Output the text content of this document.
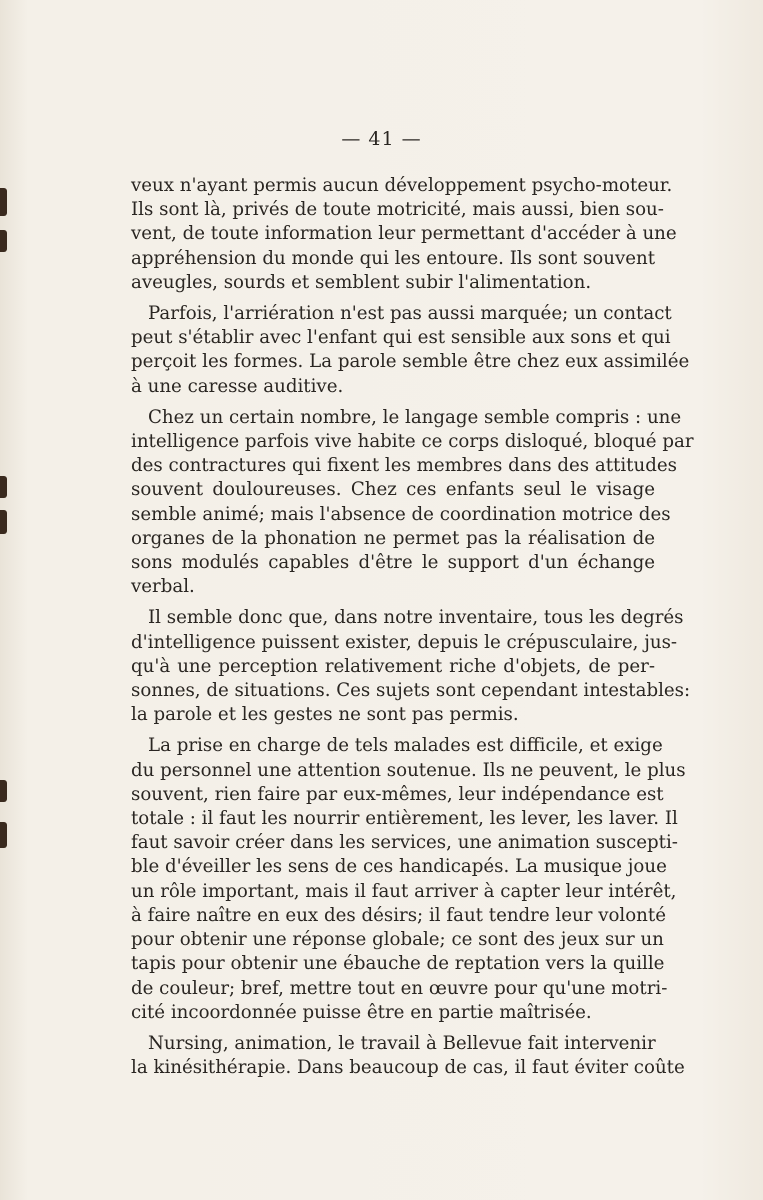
— 41 —
veux n'ayant permis aucun développement psycho-moteur.
Ils sont là, privés de toute motricité, mais aussi, bien sou-
vent, de toute information leur permettant d'accéder à une
appréhension du monde qui les entoure. Ils sont souvent
aveugles, sourds et semblent subir l'alimentation.
Parfois, l'arriération n'est pas aussi marquée; un contact
peut s'établir avec l'enfant qui est sensible aux sons et qui
perçoit les formes. La parole semble être chez eux assimilée
à une caresse auditive.
Chez un certain nombre, le langage semble compris : une
intelligence parfois vive habite ce corps disloqué, bloqué par
des contractures qui fixent les membres dans des attitudes
souvent douloureuses. Chez ces enfants seul le visage
semble animé; mais l'absence de coordination motrice des
organes de la phonation ne permet pas la réalisation de
sons modulés capables d'être le support d'un échange
verbal.
Il semble donc que, dans notre inventaire, tous les degrés
d'intelligence puissent exister, depuis le crépusculaire, jus-
qu'à une perception relativement riche d'objets, de per-
sonnes, de situations. Ces sujets sont cependant intestables:
la parole et les gestes ne sont pas permis.
La prise en charge de tels malades est difficile, et exige
du personnel une attention soutenue. Ils ne peuvent, le plus
souvent, rien faire par eux-mêmes, leur indépendance est
totale : il faut les nourrir entièrement, les lever, les laver. Il
faut savoir créer dans les services, une animation suscepti-
ble d'éveiller les sens de ces handicapés. La musique joue
un rôle important, mais il faut arriver à capter leur intérêt,
à faire naître en eux des désirs; il faut tendre leur volonté
pour obtenir une réponse globale; ce sont des jeux sur un
tapis pour obtenir une ébauche de reptation vers la quille
de couleur; bref, mettre tout en œuvre pour qu'une motri-
cité incoordonnée puisse être en partie maîtrisée.
Nursing, animation, le travail à Bellevue fait intervenir
la kinésithérapie. Dans beaucoup de cas, il faut éviter coûte
